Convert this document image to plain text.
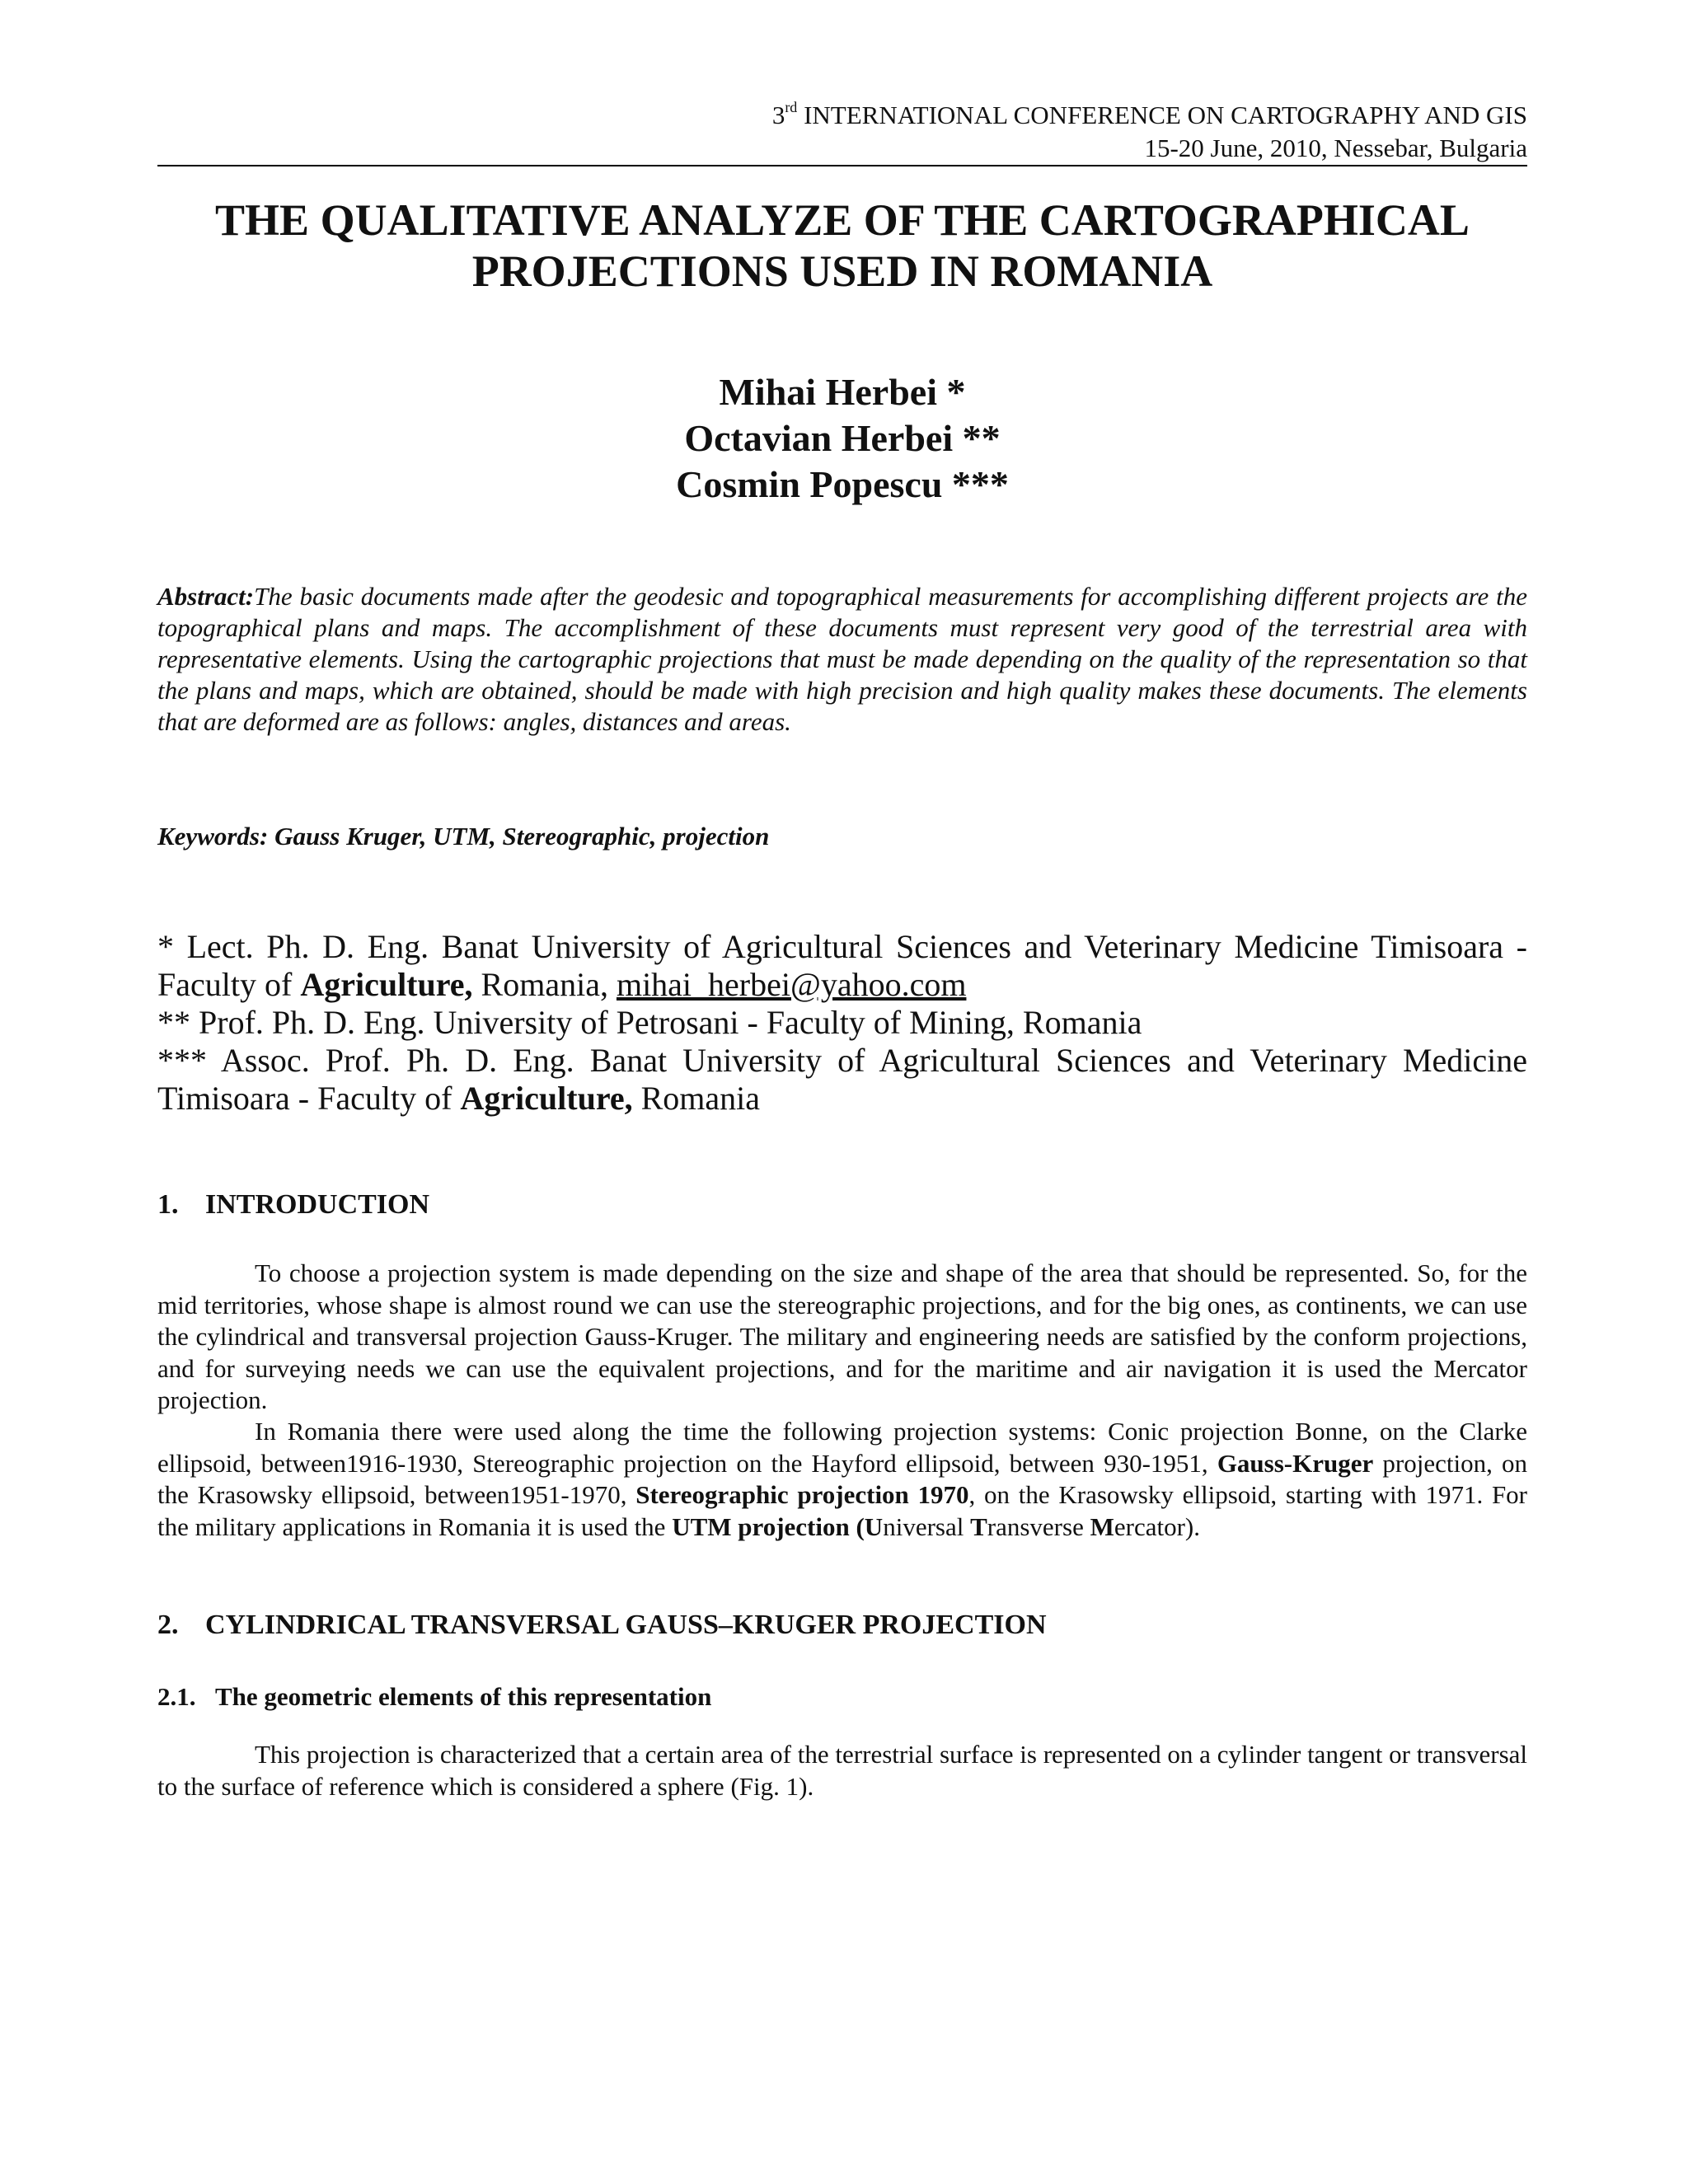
3rd INTERNATIONAL CONFERENCE ON CARTOGRAPHY AND GIS
15-20 June, 2010, Nessebar, Bulgaria
THE QUALITATIVE ANALYZE OF THE CARTOGRAPHICAL
PROJECTIONS USED IN ROMANIA
Mihai Herbei *
Octavian Herbei **
Cosmin Popescu ***

Abstract:The basic documents made after the geodesic and topographical measurements for accomplishing different projects are the topographical plans and maps. The accomplishment of these documents must represent very good of the terrestrial area with representative elements. Using the cartographic projections that must be made depending on the quality of the representation so that the plans and maps, which are obtained, should be made with high precision and high quality makes these documents. The elements that are deformed are as follows: angles, distances and areas.

Keywords: Gauss Kruger, UTM, Stereographic, projection

* Lect. Ph. D. Eng. Banat University of Agricultural Sciences and Veterinary Medicine Timisoara - Faculty of Agriculture, Romania, mihai_herbei@yahoo.com

** Prof. Ph. D. Eng. University of Petrosani - Faculty of Mining, Romania

*** Assoc. Prof. Ph. D. Eng. Banat University of Agricultural Sciences and Veterinary Medicine Timisoara - Faculty of Agriculture, Romania

1. INTRODUCTION

To choose a projection system is made depending on the size and shape of the area that should be represented. So, for the mid territories, whose shape is almost round we can use the stereographic projections, and for the big ones, as continents, we can use the cylindrical and transversal projection Gauss-Kruger. The military and engineering needs are satisfied by the conform projections, and for surveying needs we can use the equivalent projections, and for the maritime and air navigation it is used the Mercator projection.

In Romania there were used along the time the following projection systems: Conic projection Bonne, on the Clarke ellipsoid, between1916-1930, Stereographic projection on the Hayford ellipsoid, between 930-1951, Gauss-Kruger projection, on the Krasowsky ellipsoid, between1951-1970, Stereographic projection 1970, on the Krasowsky ellipsoid, starting with 1971. For the military applications in Romania it is used the UTM projection (Universal Transverse Mercator).

2. CYLINDRICAL TRANSVERSAL GAUSS–KRUGER PROJECTION
2.1. The geometric elements of this representation

This projection is characterized that a certain area of the terrestrial surface is represented on a cylinder tangent or transversal to the surface of reference which is considered a sphere (Fig. 1).
